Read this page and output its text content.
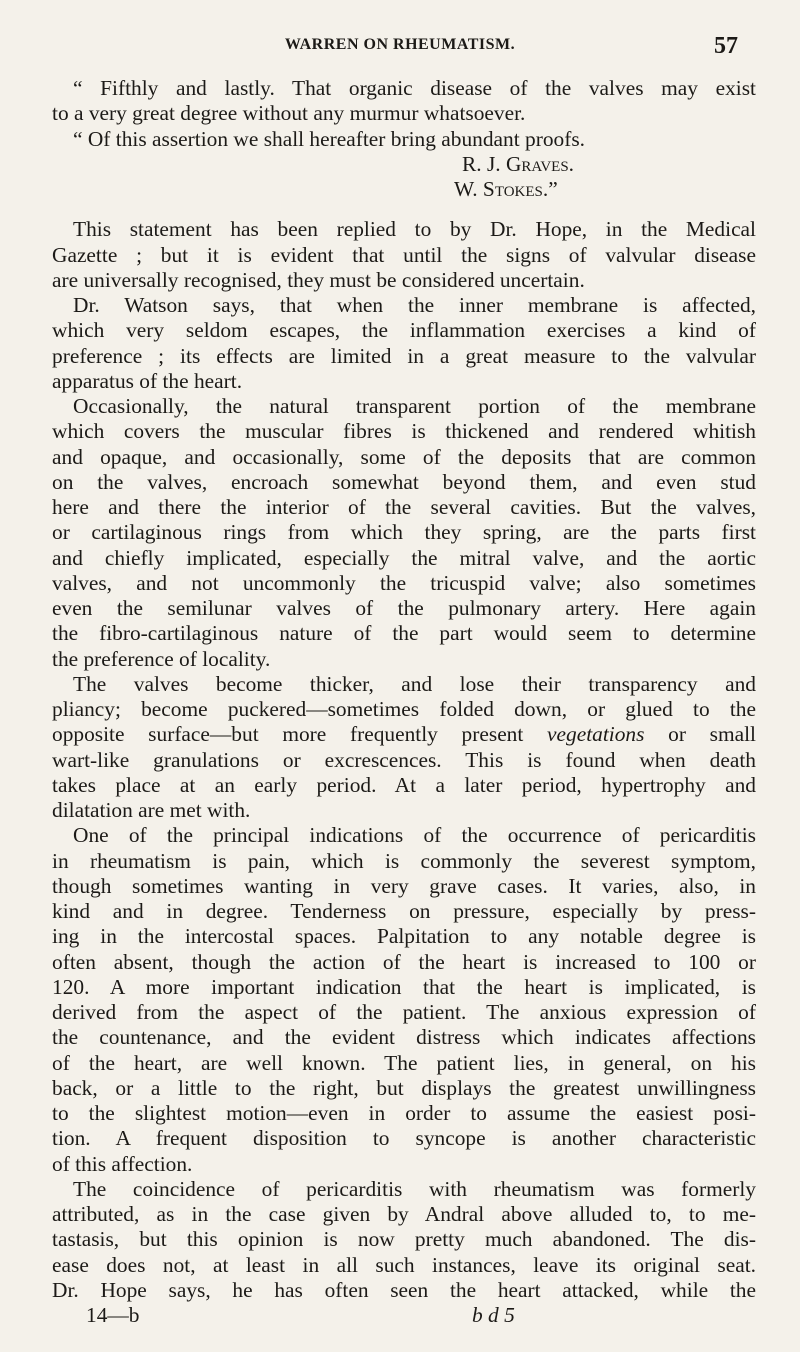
WARREN ON RHEUMATISM.	57
“ Fifthly and lastly. That organic disease of the valves may exist
to a very great degree without any murmur whatsoever.
“ Of this assertion we shall hereafter bring abundant proofs.
R. J. Graves.
W. Stokes.”
This statement has been replied to by Dr. Hope, in the Medical
Gazette ; but it is evident that until the signs of valvular disease
are universally recognised, they must be considered uncertain.
Dr. Watson says, that when the inner membrane is affected,
which very seldom escapes, the inflammation exercises a kind of
preference ; its effects are limited in a great measure to the valvular
apparatus of the heart.
Occasionally, the natural transparent portion of the membrane
which covers the muscular fibres is thickened and rendered whitish
and opaque, and occasionally, some of the deposits that are common
on the valves, encroach somewhat beyond them, and even stud
here and there the interior of the several cavities. But the valves,
or cartilaginous rings from which they spring, are the parts first
and chiefly implicated, especially the mitral valve, and the aortic
valves, and not uncommonly the tricuspid valve; also sometimes
even the semilunar valves of the pulmonary artery. Here again
the fibro-cartilaginous nature of the part would seem to determine
the preference of locality.
The valves become thicker, and lose their transparency and
pliancy; become puckered—sometimes folded down, or glued to the
opposite surface—but more frequently present vegetations or small
wart-like granulations or excrescences. This is found when death
takes place at an early period. At a later period, hypertrophy and
dilatation are met with.
One of the principal indications of the occurrence of pericarditis
in rheumatism is pain, which is commonly the severest symptom,
though sometimes wanting in very grave cases. It varies, also, in
kind and in degree. Tenderness on pressure, especially by press-
ing in the intercostal spaces. Palpitation to any notable degree is
often absent, though the action of the heart is increased to 100 or
120. A more important indication that the heart is implicated, is
derived from the aspect of the patient. The anxious expression of
the countenance, and the evident distress which indicates affections
of the heart, are well known. The patient lies, in general, on his
back, or a little to the right, but displays the greatest unwillingness
to the slightest motion—even in order to assume the easiest posi-
tion. A frequent disposition to syncope is another characteristic
of this affection.
The coincidence of pericarditis with rheumatism was formerly
attributed, as in the case given by Andral above alluded to, to me-
tastasis, but this opinion is now pretty much abandoned. The dis-
ease does not, at least in all such instances, leave its original seat.
Dr. Hope says, he has often seen the heart attacked, while the
14—b	b d 5
